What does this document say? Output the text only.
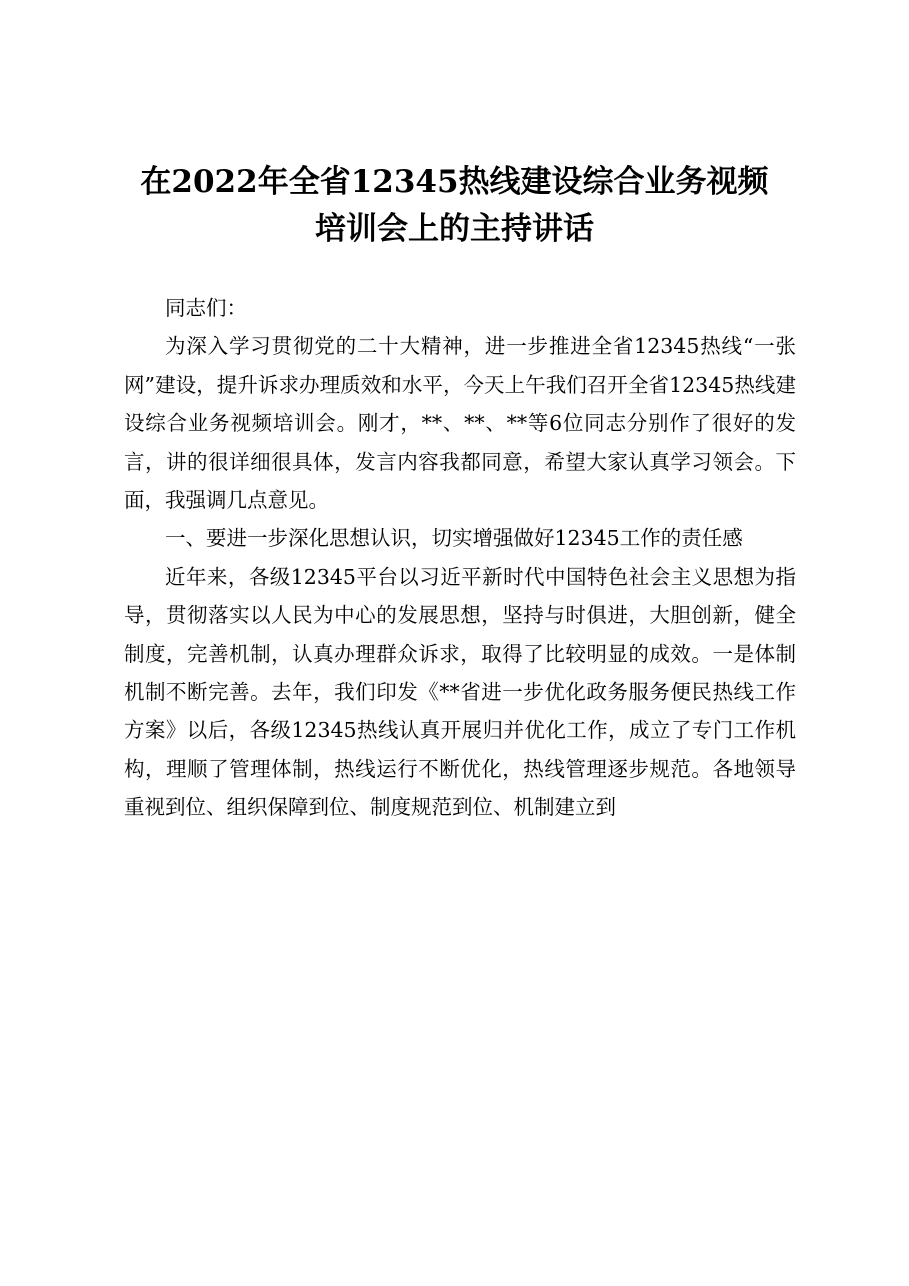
在2022年全省12345热线建设综合业务视频
培训会上的主持讲话

同志们：

为深入学习贯彻党的二十大精神，进一步推进全省12345热线“一张网”建设，提升诉求办理质效和水平，今天上午我们召开全省12345热线建设综合业务视频培训会。刚才，**、**、**等6位同志分别作了很好的发言，讲的很详细很具体，发言内容我都同意，希望大家认真学习领会。下面，我强调几点意见。

一、要进一步深化思想认识，切实增强做好12345工作的责任感

近年来，各级12345平台以习近平新时代中国特色社会主义思想为指导，贯彻落实以人民为中心的发展思想，坚持与时俱进，大胆创新，健全制度，完善机制，认真办理群众诉求，取得了比较明显的成效。一是体制机制不断完善。去年，我们印发《**省进一步优化政务服务便民热线工作方案》以后，各级12345热线认真开展归并优化工作，成立了专门工作机构，理顺了管理体制，热线运行不断优化，热线管理逐步规范。各地领导重视到位、组织保障到位、制度规范到位、机制建立到
